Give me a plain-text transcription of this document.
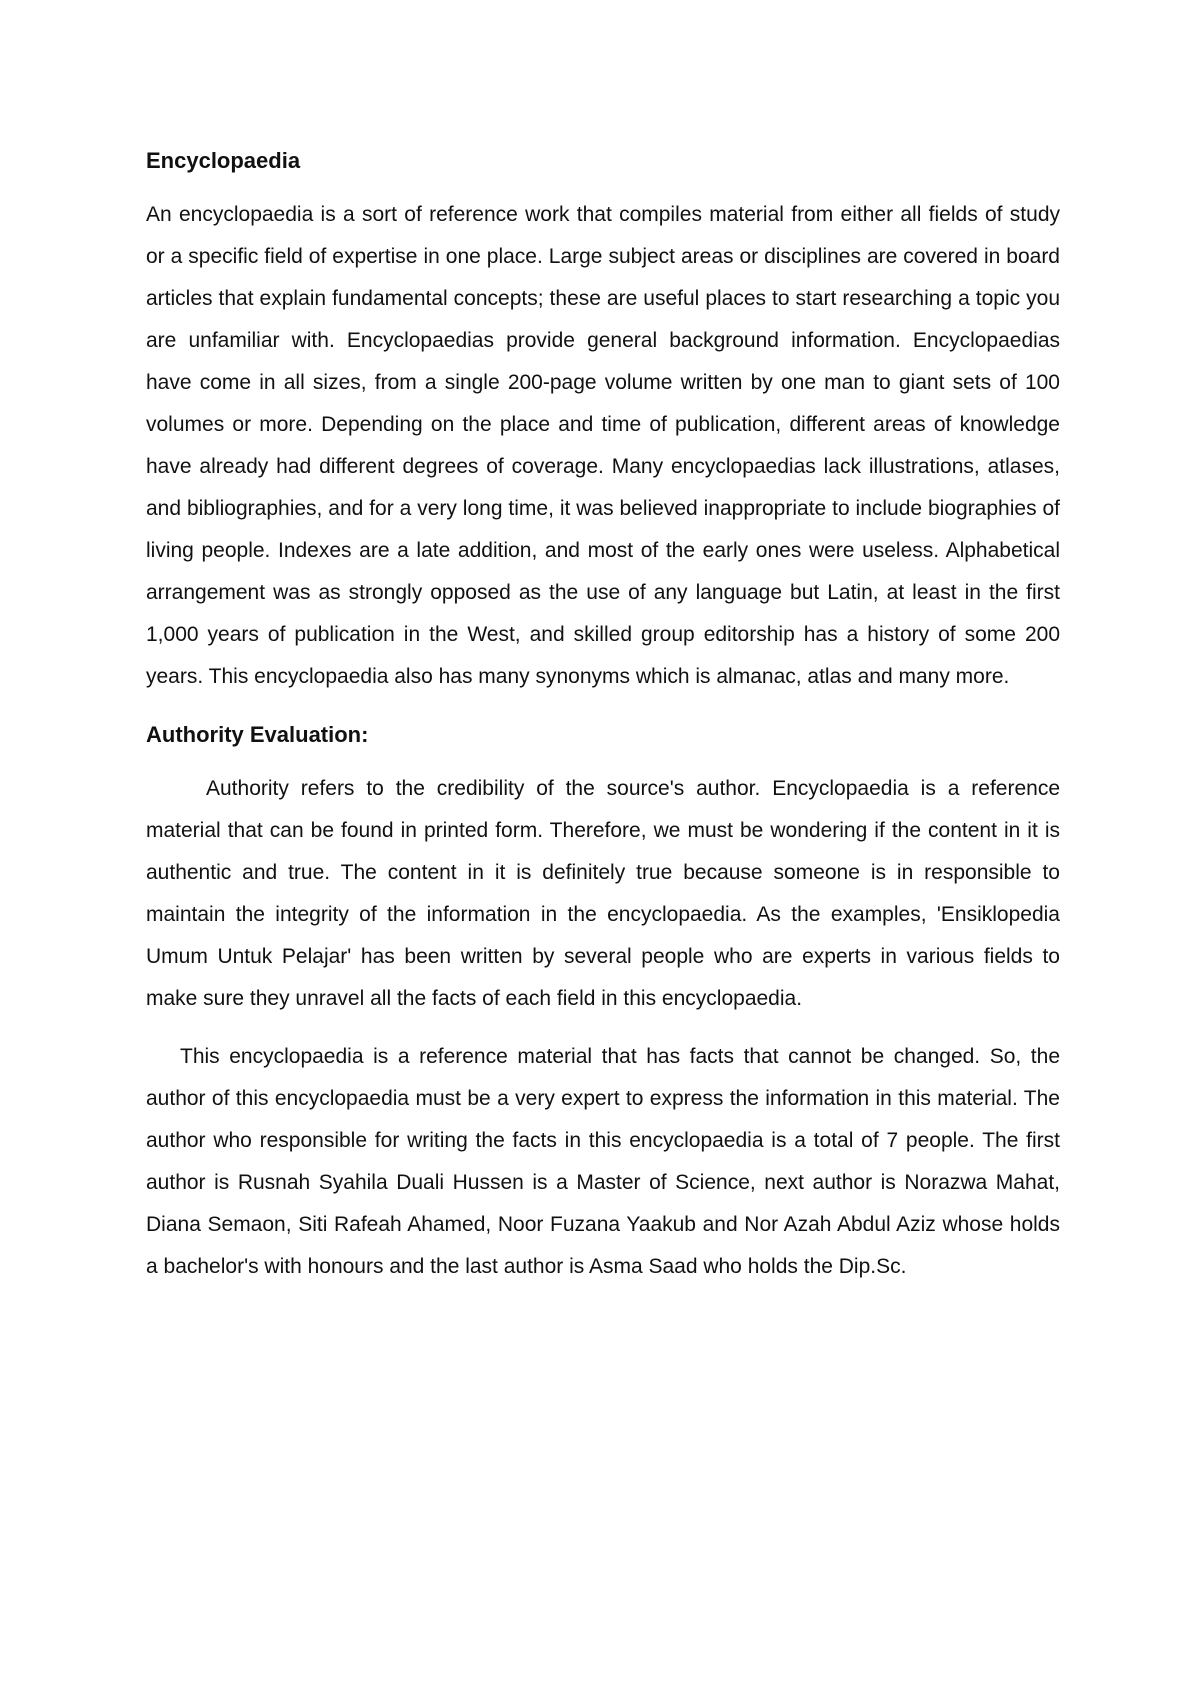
Encyclopaedia

An encyclopaedia is a sort of reference work that compiles material from either all fields of study or a specific field of expertise in one place. Large subject areas or disciplines are covered in board articles that explain fundamental concepts; these are useful places to start researching a topic you are unfamiliar with. Encyclopaedias provide general background information. Encyclopaedias have come in all sizes, from a single 200-page volume written by one man to giant sets of 100 volumes or more. Depending on the place and time of publication, different areas of knowledge have already had different degrees of coverage. Many encyclopaedias lack illustrations, atlases, and bibliographies, and for a very long time, it was believed inappropriate to include biographies of living people. Indexes are a late addition, and most of the early ones were useless. Alphabetical arrangement was as strongly opposed as the use of any language but Latin, at least in the first 1,000 years of publication in the West, and skilled group editorship has a history of some 200 years. This encyclopaedia also has many synonyms which is almanac, atlas and many more.

Authority Evaluation:

Authority refers to the credibility of the source's author. Encyclopaedia is a reference material that can be found in printed form. Therefore, we must be wondering if the content in it is authentic and true. The content in it is definitely true because someone is in responsible to maintain the integrity of the information in the encyclopaedia. As the examples, 'Ensiklopedia Umum Untuk Pelajar' has been written by several people who are experts in various fields to make sure they unravel all the facts of each field in this encyclopaedia.

This encyclopaedia is a reference material that has facts that cannot be changed. So, the author of this encyclopaedia must be a very expert to express the information in this material. The author who responsible for writing the facts in this encyclopaedia is a total of 7 people. The first author is Rusnah Syahila Duali Hussen is a Master of Science, next author is Norazwa Mahat, Diana Semaon, Siti Rafeah Ahamed, Noor Fuzana Yaakub and Nor Azah Abdul Aziz whose holds a bachelor's with honours and the last author is Asma Saad who holds the Dip.Sc.
